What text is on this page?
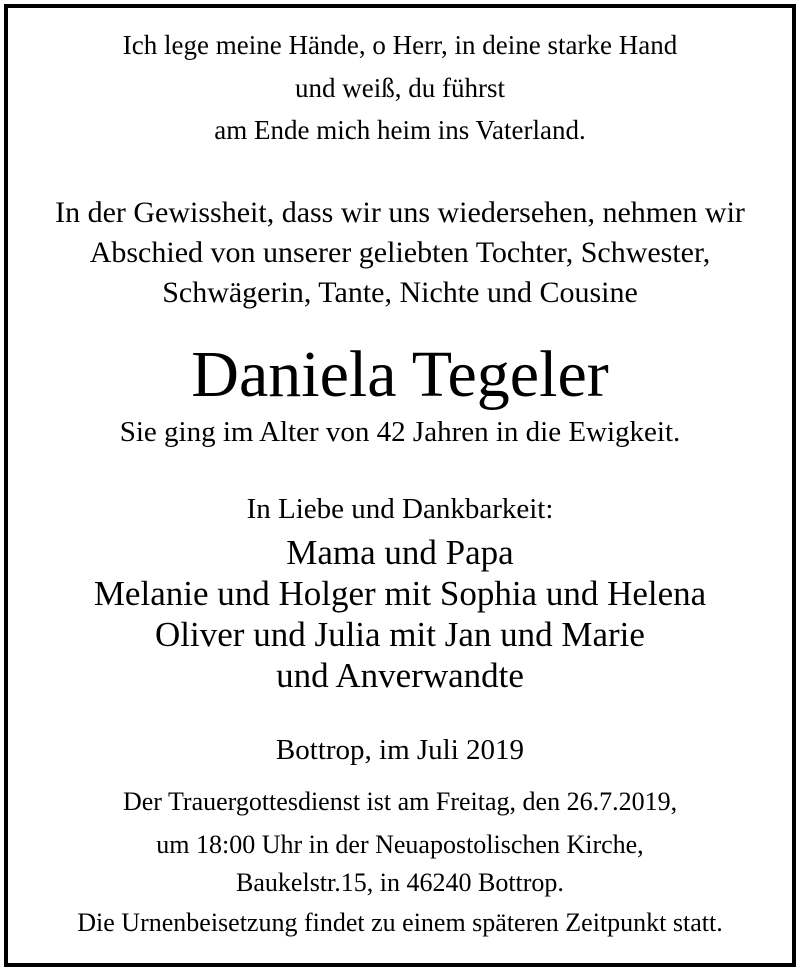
Ich lege meine Hände, o Herr, in deine starke Hand
und weiß, du führst
am Ende mich heim ins Vaterland.
In der Gewissheit, dass wir uns wiedersehen, nehmen wir
Abschied von unserer geliebten Tochter, Schwester,
Schwägerin, Tante, Nichte und Cousine
Daniela Tegeler
Sie ging im Alter von 42 Jahren in die Ewigkeit.
In Liebe und Dankbarkeit:
Mama und Papa
Melanie und Holger mit Sophia und Helena
Oliver und Julia mit Jan und Marie
und Anverwandte
Bottrop, im Juli 2019
Der Trauergottesdienst ist am Freitag, den 26.7.2019,
um 18:00 Uhr in der Neuapostolischen Kirche,
Baukelstr.15, in 46240 Bottrop.
Die Urnenbeisetzung findet zu einem späteren Zeitpunkt statt.
